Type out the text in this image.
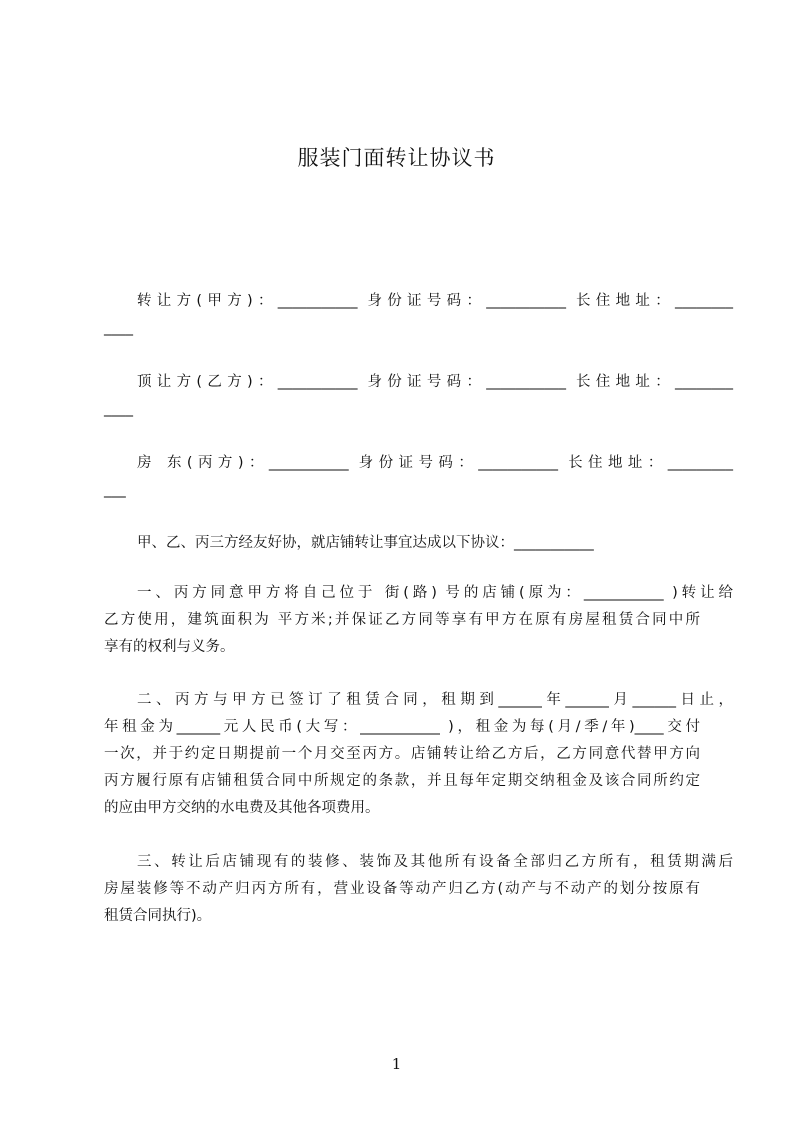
服装门面转让协议书
转让方(甲方)：___________ 身份证号码：___________ 长住地址：________
____
顶让方(乙方)：___________ 身份证号码：___________ 长住地址：________
____
房 东(丙方)：___________ 身份证号码：___________ 长住地址：_________
___
甲、乙、丙三方经友好协，就店铺转让事宜达成以下协议：___________
一、丙方同意甲方将自己位于 街(路) 号的店铺(原为：___________ )转让给
乙方使用，建筑面积为 平方米;并保证乙方同等享有甲方在原有房屋租赁合同中所
享有的权利与义务。
二、丙方与甲方已签订了租赁合同，租期到______年______月______日止，
年租金为______元人民币(大写：___________ )，租金为每(月/季/年)____交付
一次，并于约定日期提前一个月交至丙方。店铺转让给乙方后，乙方同意代替甲方向
丙方履行原有店铺租赁合同中所规定的条款，并且每年定期交纳租金及该合同所约定
的应由甲方交纳的水电费及其他各项费用。
三、转让后店铺现有的装修、装饰及其他所有设备全部归乙方所有，租赁期满后
房屋装修等不动产归丙方所有，营业设备等动产归乙方(动产与不动产的划分按原有
租赁合同执行)。
1
